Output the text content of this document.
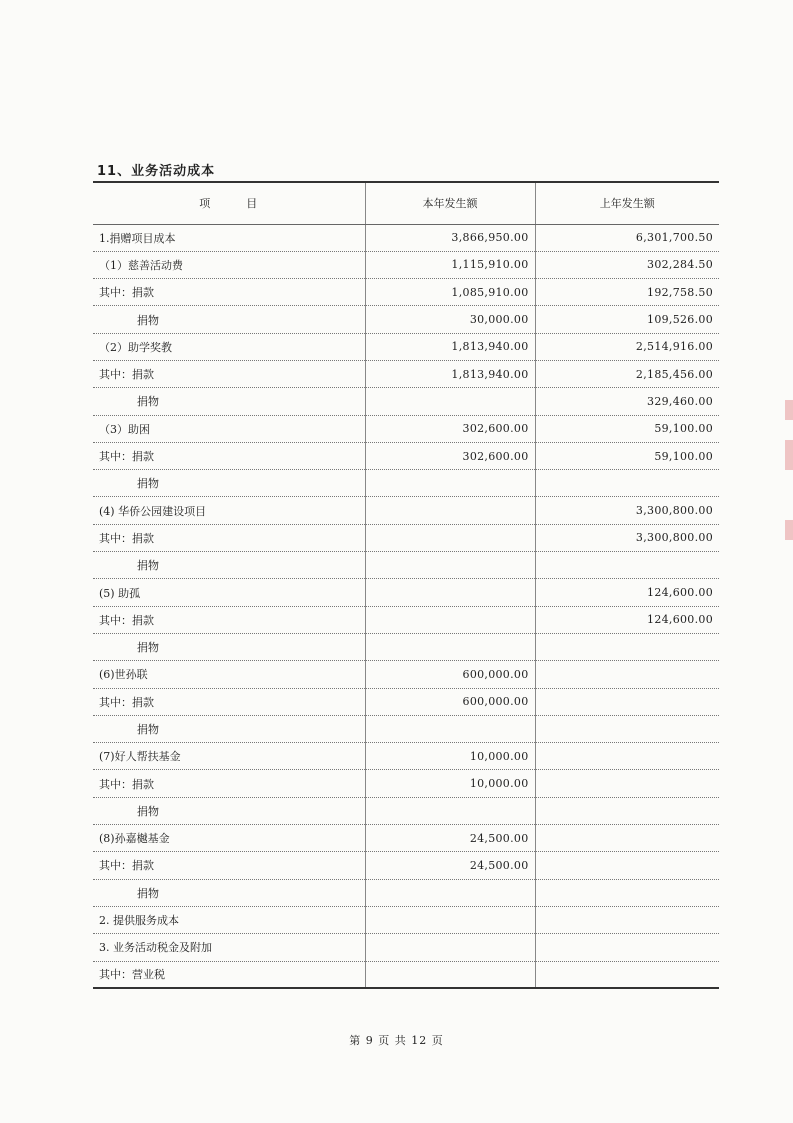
11、业务活动成本
项目	本年发生额	上年发生额
1.捐赠项目成本	3,866,950.00	6,301,700.50
（1）慈善活动费	1,115,910.00	302,284.50
其中：捐款	1,085,910.00	192,758.50
捐物	30,000.00	109,526.00
（2）助学奖教	1,813,940.00	2,514,916.00
其中：捐款	1,813,940.00	2,185,456.00
捐物		329,460.00
（3）助困	302,600.00	59,100.00
其中：捐款	302,600.00	59,100.00
捐物		
(4) 华侨公园建设项目		3,300,800.00
其中：捐款		3,300,800.00
捐物		
(5) 助孤		124,600.00
其中：捐款		124,600.00
捐物		
(6)世孙联	600,000.00	
其中：捐款	600,000.00	
捐物		
(7)好人帮扶基金	10,000.00	
其中：捐款	10,000.00	
捐物		
(8)孙嘉樾基金	24,500.00	
其中：捐款	24,500.00	
捐物		
2. 提供服务成本		
3. 业务活动税金及附加		
其中：营业税		
第 9 页 共 12 页
